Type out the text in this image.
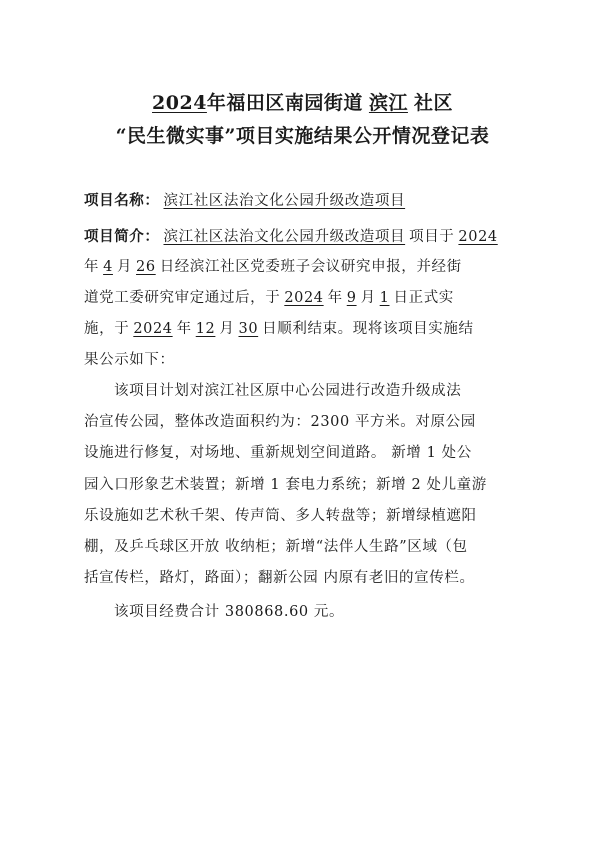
2024年福田区南园街道 滨江 社区
“民生微实事”项目实施结果公开情况登记表
项目名称： 滨江社区法治文化公园升级改造项目
项目简介： 滨江社区法治文化公园升级改造项目 项目于 2024
年 4 月 26 日经滨江社区党委班子会议研究申报，并经街
道党工委研究审定通过后，于 2024 年 9 月 1 日正式实
施，于 2024 年 12 月 30 日顺利结束。现将该项目实施结
果公示如下：
该项目计划对滨江社区原中心公园进行改造升级成法
治宣传公园，整体改造面积约为：2300 平方米。对原公园
设施进行修复，对场地、重新规划空间道路。 新增 1 处公
园入口形象艺术装置；新增 1 套电力系统；新增 2 处儿童游
乐设施如艺术秋千架、传声筒、多人转盘等；新增绿植遮阳
棚，及乒乓球区开放 收纳柜；新增“法伴人生路”区域（包
括宣传栏，路灯，路面）；翻新公园 内原有老旧的宣传栏。
该项目经费合计 380868.60 元。
